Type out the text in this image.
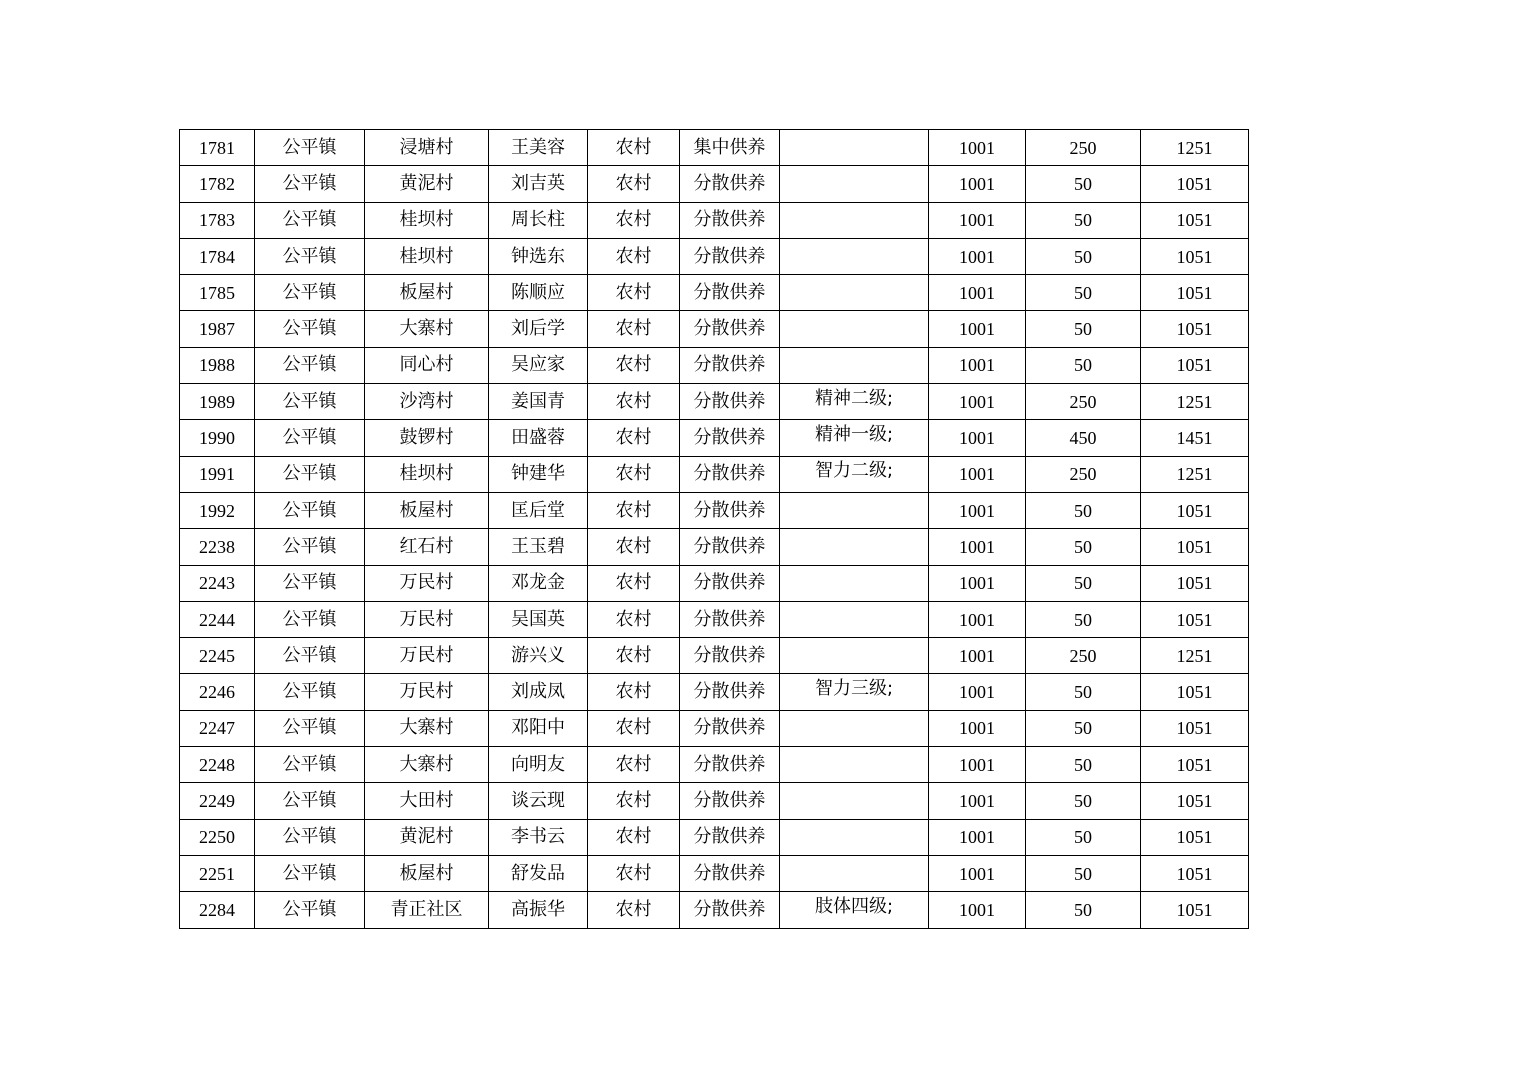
1781	公平镇	浸塘村	王美容	农村	集中供养		1001	250	1251
1782	公平镇	黄泥村	刘吉英	农村	分散供养		1001	50	1051
1783	公平镇	桂坝村	周长柱	农村	分散供养		1001	50	1051
1784	公平镇	桂坝村	钟选东	农村	分散供养		1001	50	1051
1785	公平镇	板屋村	陈顺应	农村	分散供养		1001	50	1051
1987	公平镇	大寨村	刘后学	农村	分散供养		1001	50	1051
1988	公平镇	同心村	吴应家	农村	分散供养		1001	50	1051
1989	公平镇	沙湾村	姜国青	农村	分散供养	精神二级;	1001	250	1251
1990	公平镇	鼓锣村	田盛蓉	农村	分散供养	精神一级;	1001	450	1451
1991	公平镇	桂坝村	钟建华	农村	分散供养	智力二级;	1001	250	1251
1992	公平镇	板屋村	匡后堂	农村	分散供养		1001	50	1051
2238	公平镇	红石村	王玉碧	农村	分散供养		1001	50	1051
2243	公平镇	万民村	邓龙金	农村	分散供养		1001	50	1051
2244	公平镇	万民村	吴国英	农村	分散供养		1001	50	1051
2245	公平镇	万民村	游兴义	农村	分散供养		1001	250	1251
2246	公平镇	万民村	刘成凤	农村	分散供养	智力三级;	1001	50	1051
2247	公平镇	大寨村	邓阳中	农村	分散供养		1001	50	1051
2248	公平镇	大寨村	向明友	农村	分散供养		1001	50	1051
2249	公平镇	大田村	谈云现	农村	分散供养		1001	50	1051
2250	公平镇	黄泥村	李书云	农村	分散供养		1001	50	1051
2251	公平镇	板屋村	舒发品	农村	分散供养		1001	50	1051
2284	公平镇	青正社区	高振华	农村	分散供养	肢体四级;	1001	50	1051
